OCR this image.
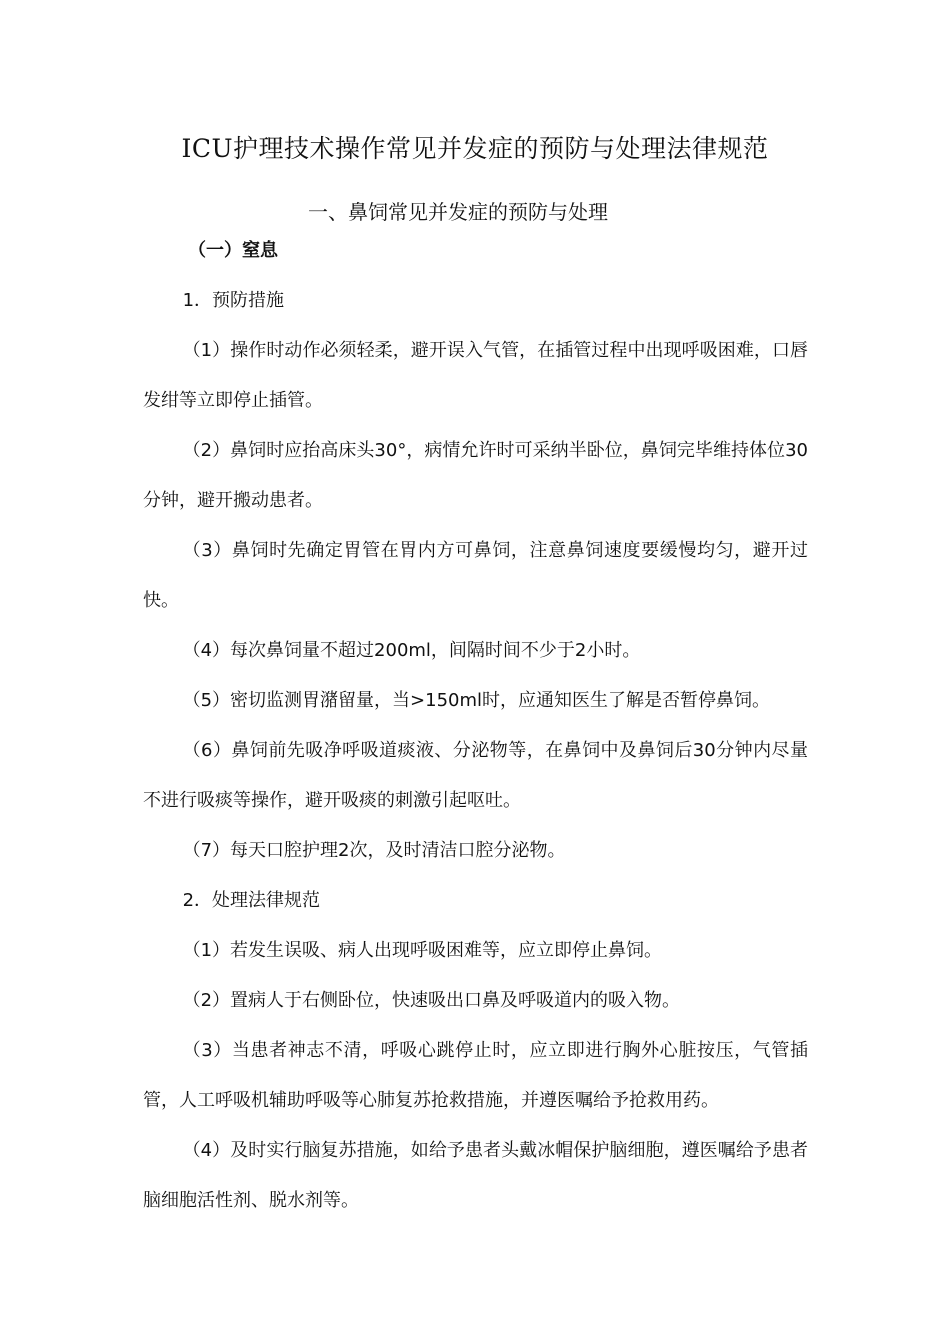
ICU护理技术操作常见并发症的预防与处理法律规范
一、鼻饲常见并发症的预防与处理
（一）窒息

1．预防措施

（1）操作时动作必须轻柔，避开误入气管，在插管过程中出现呼吸困难，口唇发绀等立即停止插管。

（2）鼻饲时应抬高床头30°，病情允许时可采纳半卧位，鼻饲完毕维持体位30分钟，避开搬动患者。

（3）鼻饲时先确定胃管在胃内方可鼻饲，注意鼻饲速度要缓慢均匀，避开过快。

（4）每次鼻饲量不超过200ml，间隔时间不少于2小时。

（5）密切监测胃潴留量，当>150ml时，应通知医生了解是否暂停鼻饲。

（6）鼻饲前先吸净呼吸道痰液、分泌物等，在鼻饲中及鼻饲后30分钟内尽量不进行吸痰等操作，避开吸痰的刺激引起呕吐。

（7）每天口腔护理2次，及时清洁口腔分泌物。

2．处理法律规范

（1）若发生误吸、病人出现呼吸困难等，应立即停止鼻饲。

（2）置病人于右侧卧位，快速吸出口鼻及呼吸道内的吸入物。

（3）当患者神志不清，呼吸心跳停止时，应立即进行胸外心脏按压，气管插管，人工呼吸机辅助呼吸等心肺复苏抢救措施，并遵医嘱给予抢救用药。

（4）及时实行脑复苏措施，如给予患者头戴冰帽保护脑细胞，遵医嘱给予患者脑细胞活性剂、脱水剂等。
